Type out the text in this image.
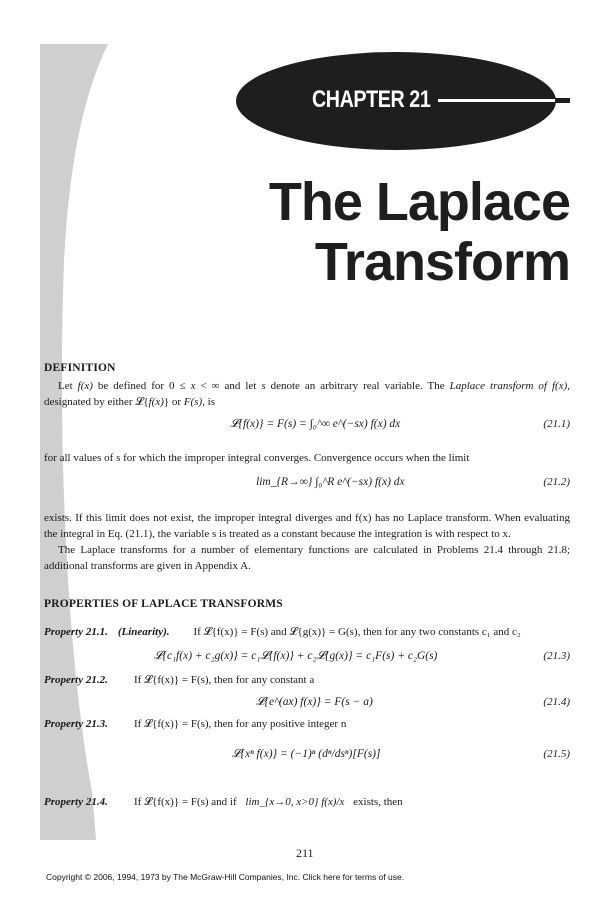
CHAPTER 21
The Laplace
Transform
DEFINITION
Let f(x) be defined for 0 ≤ x < ∞ and let s denote an arbitrary real variable. The Laplace transform of f(x), designated by either 𝓛{f(x)} or F(s), is
𝓛{f(x)} = F(s) = ∫₀^∞ e^(−sx) f(x) dx	(21.1)
for all values of s for which the improper integral converges. Convergence occurs when the limit
lim_{R→∞} ∫₀^R e^(−sx) f(x) dx	(21.2)
exists. If this limit does not exist, the improper integral diverges and f(x) has no Laplace transform. When evaluating the integral in Eq. (21.1), the variable s is treated as a constant because the integration is with respect to x.
The Laplace transforms for a number of elementary functions are calculated in Problems 21.4 through 21.8; additional transforms are given in Appendix A.
PROPERTIES OF LAPLACE TRANSFORMS
Property 21.1. (Linearity). If 𝓛{f(x)} = F(s) and 𝓛{g(x)} = G(s), then for any two constants c₁ and c₂
𝓛{c₁f(x) + c₂g(x)} = c₁𝓛{f(x)} + c₂𝓛{g(x)} = c₁F(s) + c₂G(s)	(21.3)
Property 21.2. If 𝓛{f(x)} = F(s), then for any constant a
𝓛{e^(ax) f(x)} = F(s − a)	(21.4)
Property 21.3. If 𝓛{f(x)} = F(s), then for any positive integer n
𝓛{xⁿ f(x)} = (−1)ⁿ (dⁿ/dsⁿ)[F(s)]	(21.5)
Property 21.4. If 𝓛{f(x)} = F(s) and if lim_{x→0, x>0} f(x)/x exists, then
211
Copyright © 2006, 1994, 1973 by The McGraw-Hill Companies, Inc. Click here for terms of use.
